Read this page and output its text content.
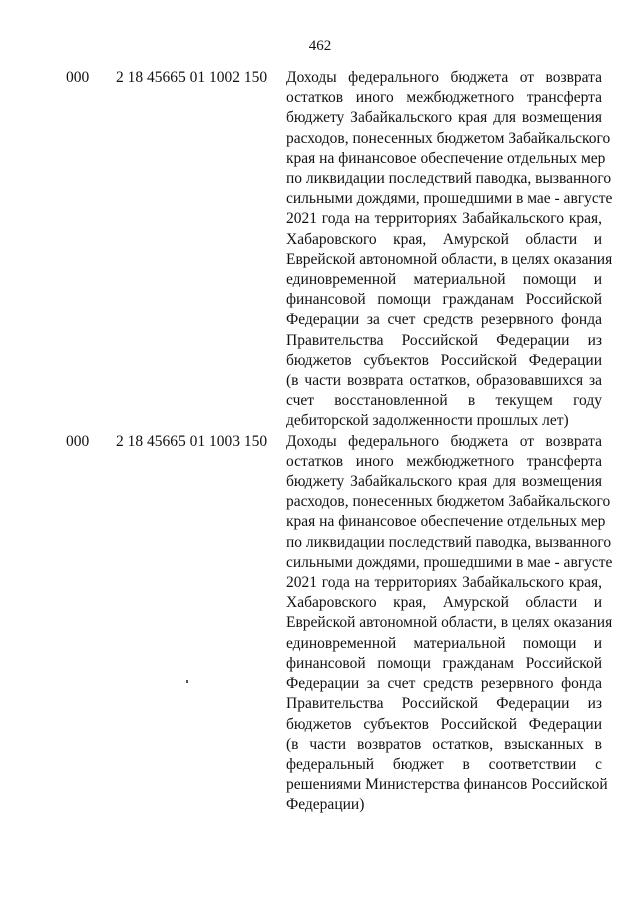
462
000 2 18 45665 01 1002 150 Доходы федерального бюджета от возврата
остатков иного межбюджетного трансферта
бюджету Забайкальского края для возмещения
расходов, понесенных бюджетом Забайкальского
края на финансовое обеспечение отдельных мер
по ликвидации последствий паводка, вызванного
сильными дождями, прошедшими в мае - августе
2021 года на территориях Забайкальского края,
Хабаровского края, Амурской области и
Еврейской автономной области, в целях оказания
единовременной материальной помощи и
финансовой помощи гражданам Российской
Федерации за счет средств резервного фонда
Правительства Российской Федерации из
бюджетов субъектов Российской Федерации
(в части возврата остатков, образовавшихся за
счет восстановленной в текущем году
дебиторской задолженности прошлых лет)
000 2 18 45665 01 1003 150 Доходы федерального бюджета от возврата
остатков иного межбюджетного трансферта
бюджету Забайкальского края для возмещения
расходов, понесенных бюджетом Забайкальского
края на финансовое обеспечение отдельных мер
по ликвидации последствий паводка, вызванного
сильными дождями, прошедшими в мае - августе
2021 года на территориях Забайкальского края,
Хабаровского края, Амурской области и
Еврейской автономной области, в целях оказания
единовременной материальной помощи и
финансовой помощи гражданам Российской
Федерации за счет средств резервного фонда
Правительства Российской Федерации из
бюджетов субъектов Российской Федерации
(в части возвратов остатков, взысканных в
федеральный бюджет в соответствии с
решениями Министерства финансов Российской
Федерации)
